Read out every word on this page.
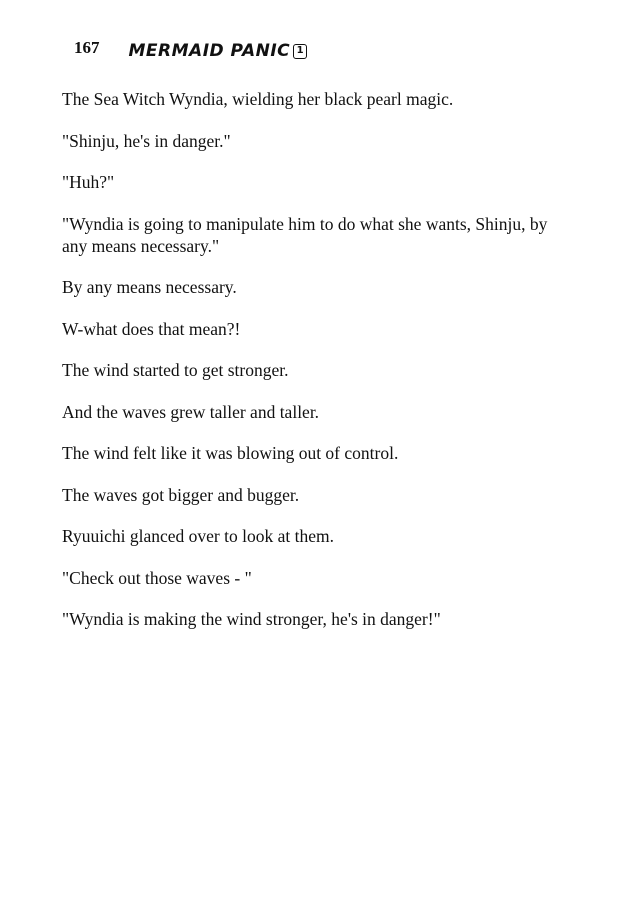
167 MERMAID PANIC 1

The Sea Witch Wyndia, wielding her black pearl magic.

"Shinju, he's in danger."

"Huh?"

"Wyndia is going to manipulate him to do what she wants, Shinju, by any means necessary."

By any means necessary.

W-what does that mean?!

The wind started to get stronger.

And the waves grew taller and taller.

The wind felt like it was blowing out of control.

The waves got bigger and bugger.

Ryuuichi glanced over to look at them.

"Check out those waves - "

"Wyndia is making the wind stronger, he's in danger!"
